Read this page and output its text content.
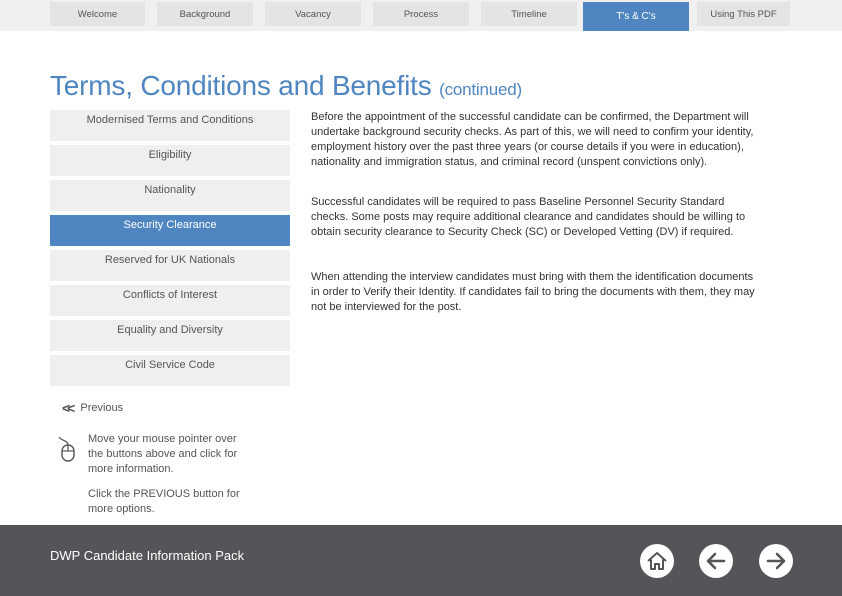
Welcome	Background	Vacancy	Process	Timeline	T's & C's	Using This PDF
Terms, Conditions and Benefits (continued)
Modernised Terms and Conditions
Eligibility
Nationality
Security Clearance
Reserved for UK Nationals
Conflicts of Interest
Equality and Diversity
Civil Service Code
<< Previous
Move your mouse pointer over the buttons above and click for more information.
Click the PREVIOUS button for more options.
Before the appointment of the successful candidate can be confirmed, the Department will undertake background security checks. As part of this, we will need to confirm your identity, employment history over the past three years (or course details if you were in education), nationality and immigration status, and criminal record (unspent convictions only).
Successful candidates will be required to pass Baseline Personnel Security Standard checks. Some posts may require additional clearance and candidates should be willing to obtain security clearance to Security Check (SC) or Developed Vetting (DV) if required.
When attending the interview candidates must bring with them the identification documents in order to Verify their Identity. If candidates fail to bring the documents with them, they may not be interviewed for the post.
DWP Candidate Information Pack
